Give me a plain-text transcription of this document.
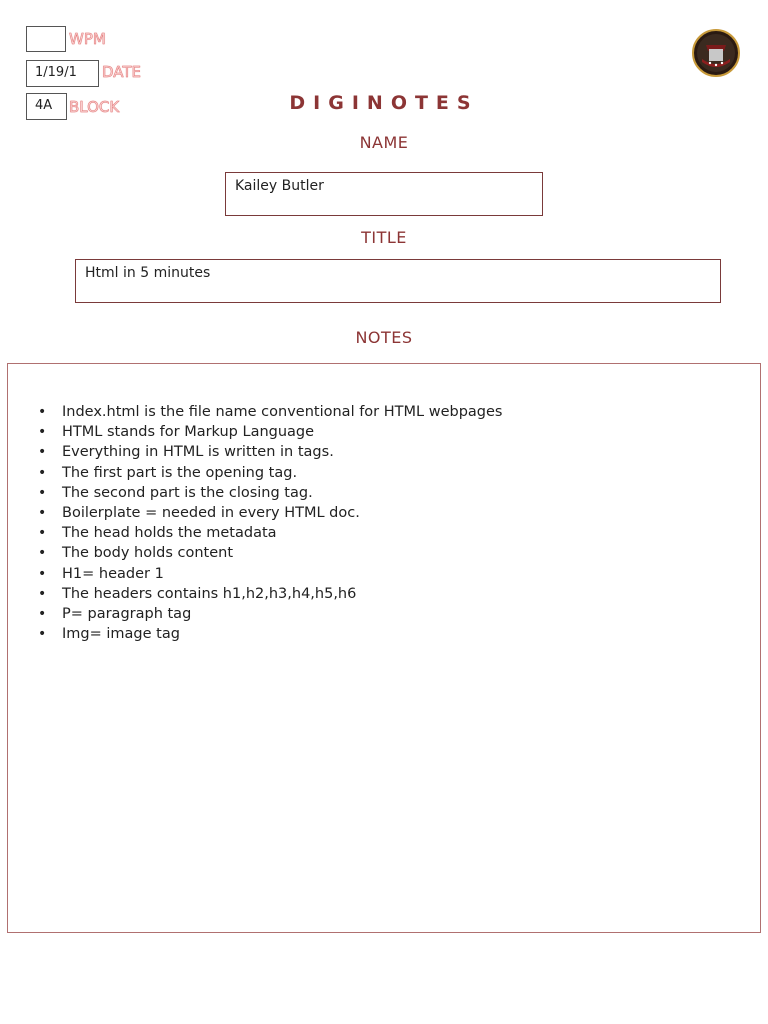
WPM
1/19/1	DATE
4A	BLOCK	DIGINOTES
NAME
Kailey Butler
TITLE
Html in 5 minutes
NOTES
• Index.html is the file name conventional for HTML webpages
• HTML stands for Markup Language
• Everything in HTML is written in tags.
• The first part is the opening tag.
• The second part is the closing tag.
• Boilerplate = needed in every HTML doc.
• The head holds the metadata
• The body holds content
• H1= header 1
• The headers contains h1,h2,h3,h4,h5,h6
• P= paragraph tag
• Img= image tag
